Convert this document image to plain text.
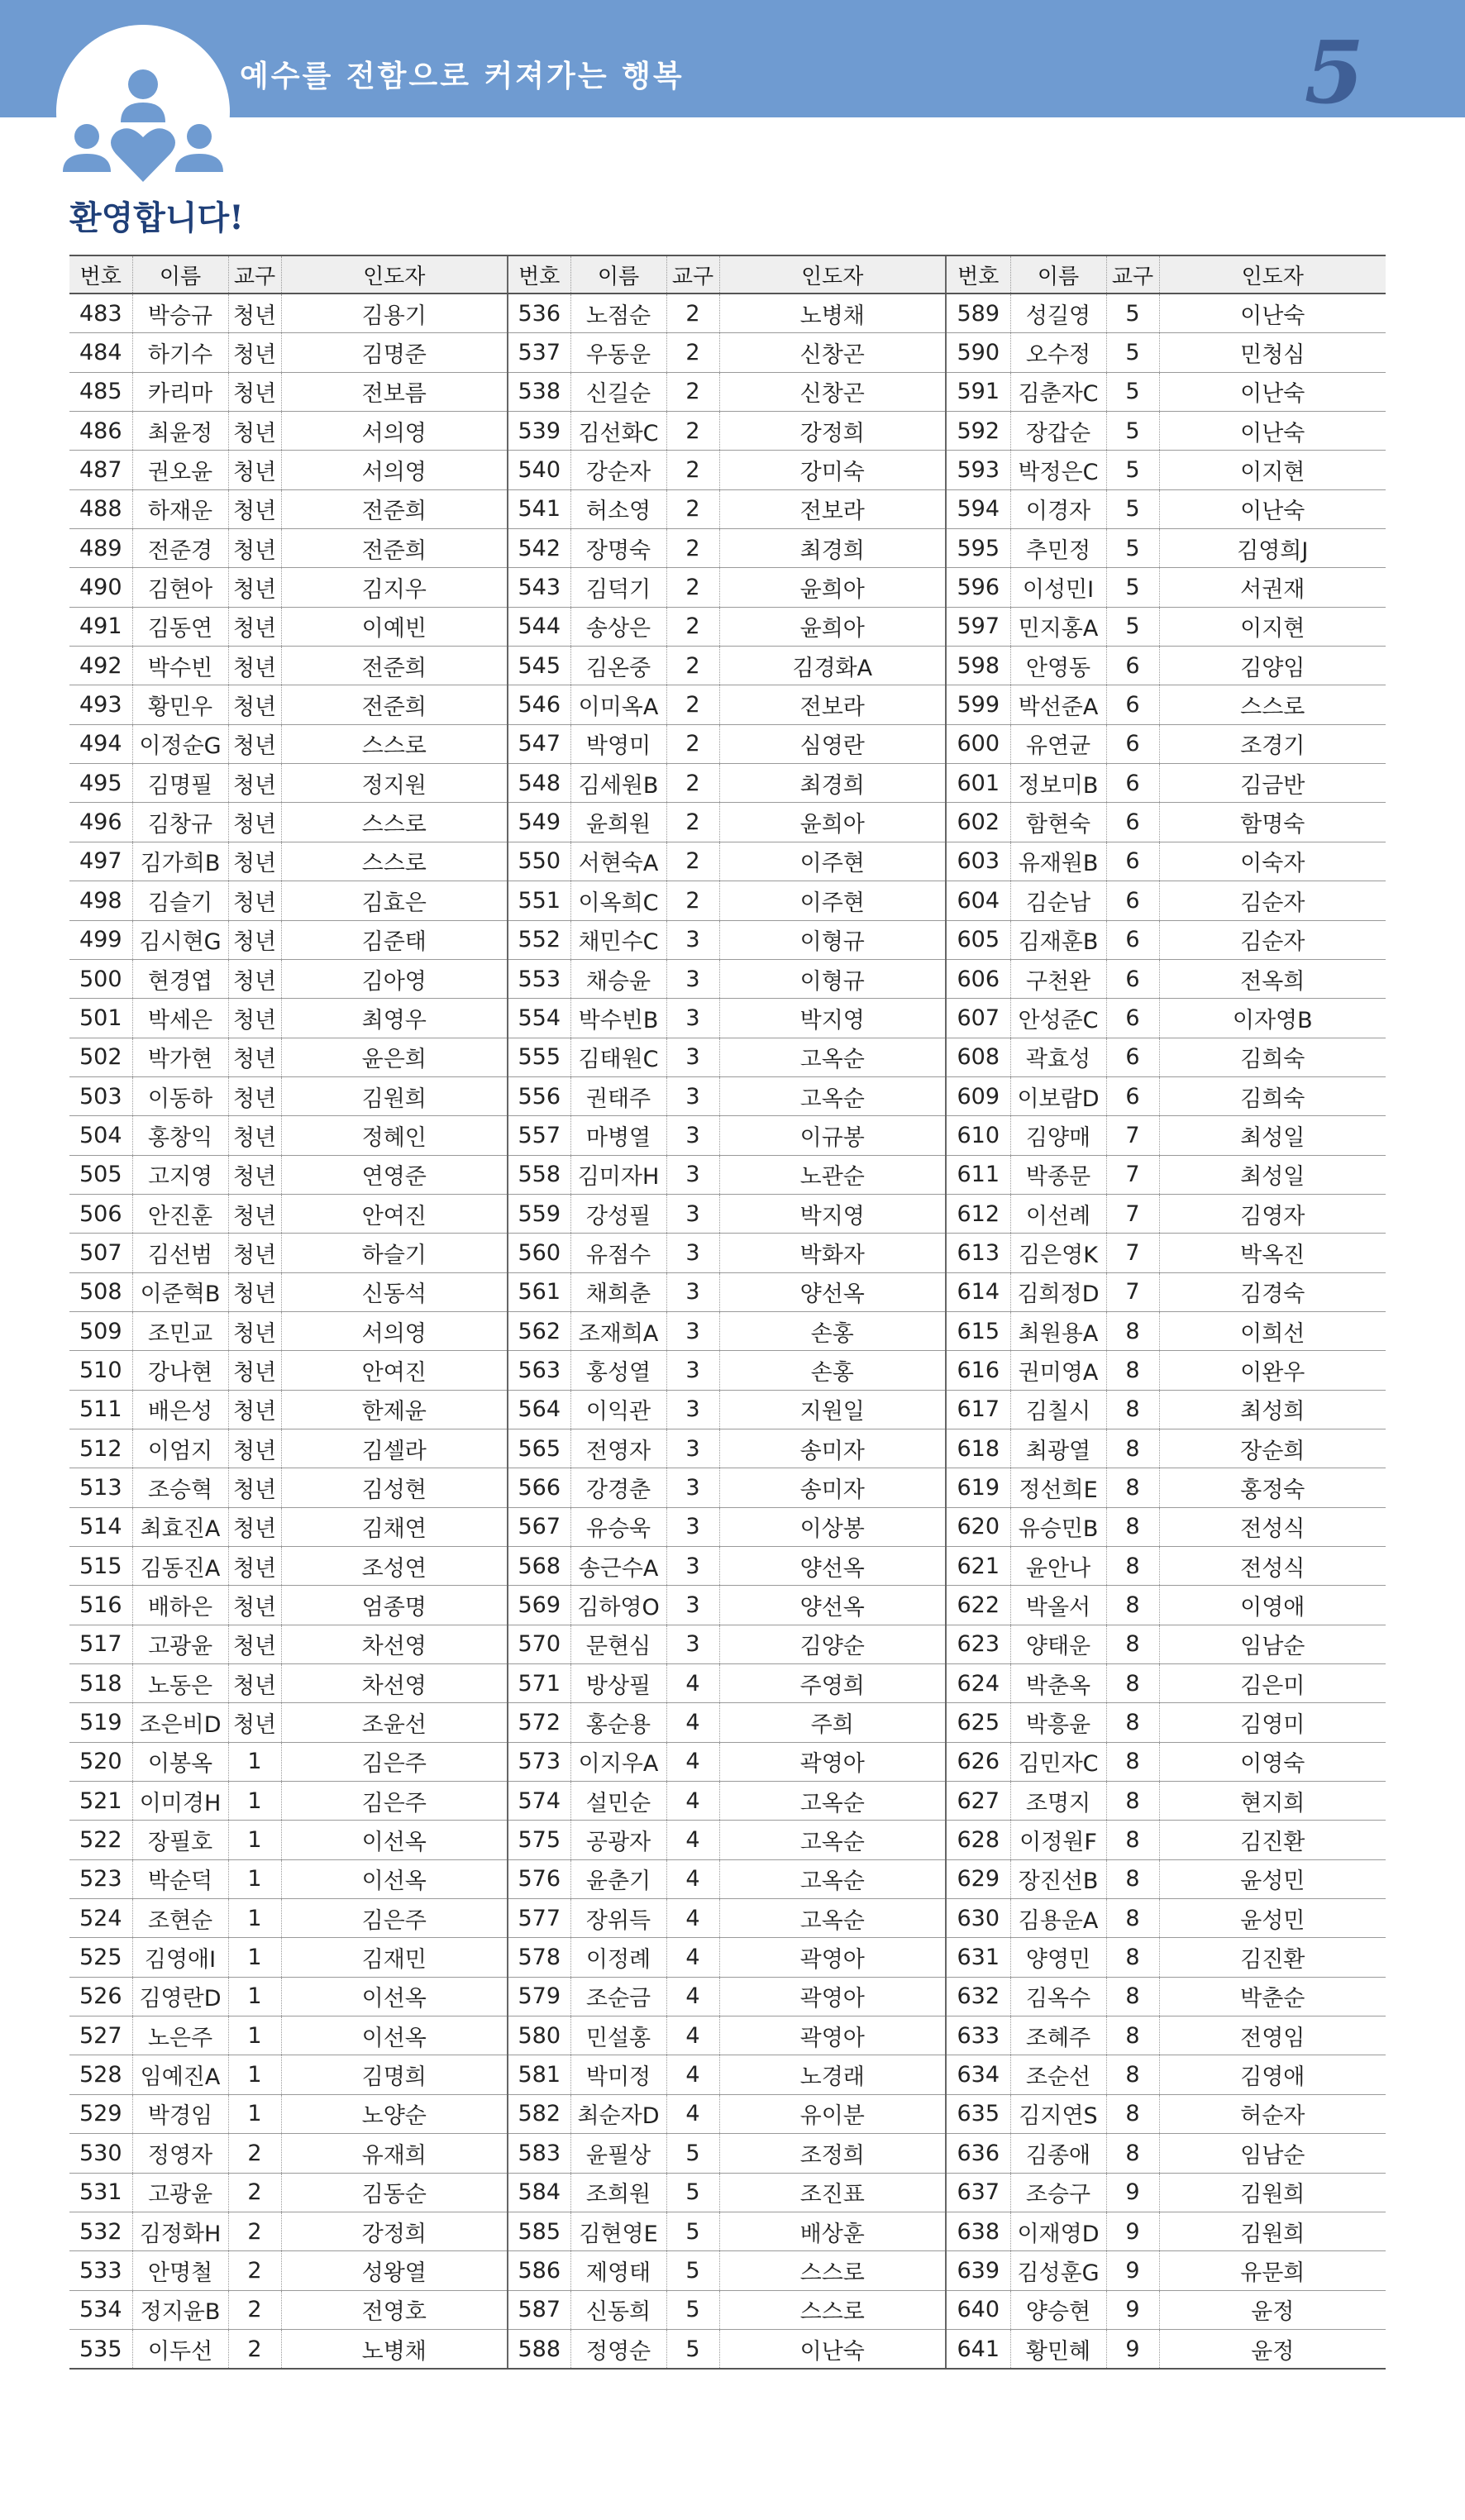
예수를 전함으로 커져가는 행복	5
환영합니다!
번호	이름	교구	인도자	번호	이름	교구	인도자	번호	이름	교구	인도자
483	박승규	청년	김용기	536	노점순	2	노병채	589	성길영	5	이난숙
484	하기수	청년	김명준	537	우동운	2	신창곤	590	오수정	5	민청심
485	카리마	청년	전보름	538	신길순	2	신창곤	591	김춘자C	5	이난숙
486	최윤정	청년	서의영	539	김선화C	2	강정희	592	장갑순	5	이난숙
487	권오윤	청년	서의영	540	강순자	2	강미숙	593	박정은C	5	이지현
488	하재운	청년	전준희	541	허소영	2	전보라	594	이경자	5	이난숙
489	전준경	청년	전준희	542	장명숙	2	최경희	595	추민정	5	김영희J
490	김현아	청년	김지우	543	김덕기	2	윤희아	596	이성민I	5	서권재
491	김동연	청년	이예빈	544	송상은	2	윤희아	597	민지홍A	5	이지현
492	박수빈	청년	전준희	545	김온중	2	김경화A	598	안영동	6	김양임
493	황민우	청년	전준희	546	이미옥A	2	전보라	599	박선준A	6	스스로
494	이정순G	청년	스스로	547	박영미	2	심영란	600	유연균	6	조경기
495	김명필	청년	정지원	548	김세원B	2	최경희	601	정보미B	6	김금반
496	김창규	청년	스스로	549	윤희원	2	윤희아	602	함현숙	6	함명숙
497	김가희B	청년	스스로	550	서현숙A	2	이주현	603	유재원B	6	이숙자
498	김슬기	청년	김효은	551	이옥희C	2	이주현	604	김순남	6	김순자
499	김시현G	청년	김준태	552	채민수C	3	이형규	605	김재훈B	6	김순자
500	현경엽	청년	김아영	553	채승윤	3	이형규	606	구천완	6	전옥희
501	박세은	청년	최영우	554	박수빈B	3	박지영	607	안성준C	6	이자영B
502	박가현	청년	윤은희	555	김태원C	3	고옥순	608	곽효성	6	김희숙
503	이동하	청년	김원희	556	권태주	3	고옥순	609	이보람D	6	김희숙
504	홍창익	청년	정혜인	557	마병열	3	이규봉	610	김양매	7	최성일
505	고지영	청년	연영준	558	김미자H	3	노관순	611	박종문	7	최성일
506	안진훈	청년	안여진	559	강성필	3	박지영	612	이선례	7	김영자
507	김선범	청년	하슬기	560	유점수	3	박화자	613	김은영K	7	박옥진
508	이준혁B	청년	신동석	561	채희춘	3	양선옥	614	김희정D	7	김경숙
509	조민교	청년	서의영	562	조재희A	3	손홍	615	최원용A	8	이희선
510	강나현	청년	안여진	563	홍성열	3	손홍	616	권미영A	8	이완우
511	배은성	청년	한제윤	564	이익관	3	지원일	617	김칠시	8	최성희
512	이엄지	청년	김셀라	565	전영자	3	송미자	618	최광열	8	장순희
513	조승혁	청년	김성현	566	강경춘	3	송미자	619	정선희E	8	홍정숙
514	최효진A	청년	김채연	567	유승욱	3	이상봉	620	유승민B	8	전성식
515	김동진A	청년	조성연	568	송근수A	3	양선옥	621	윤안나	8	전성식
516	배하은	청년	엄종명	569	김하영O	3	양선옥	622	박올서	8	이영애
517	고광윤	청년	차선영	570	문현심	3	김양순	623	양태운	8	임남순
518	노동은	청년	차선영	571	방상필	4	주영희	624	박춘옥	8	김은미
519	조은비D	청년	조윤선	572	홍순용	4	주희	625	박흥윤	8	김영미
520	이봉옥	1	김은주	573	이지우A	4	곽영아	626	김민자C	8	이영숙
521	이미경H	1	김은주	574	설민순	4	고옥순	627	조명지	8	현지희
522	장필호	1	이선옥	575	공광자	4	고옥순	628	이정원F	8	김진환
523	박순덕	1	이선옥	576	윤춘기	4	고옥순	629	장진선B	8	윤성민
524	조현순	1	김은주	577	장위득	4	고옥순	630	김용운A	8	윤성민
525	김영애I	1	김재민	578	이정례	4	곽영아	631	양영민	8	김진환
526	김영란D	1	이선옥	579	조순금	4	곽영아	632	김옥수	8	박춘순
527	노은주	1	이선옥	580	민설홍	4	곽영아	633	조혜주	8	전영임
528	임예진A	1	김명희	581	박미정	4	노경래	634	조순선	8	김영애
529	박경임	1	노양순	582	최순자D	4	유이분	635	김지연S	8	허순자
530	정영자	2	유재희	583	윤필상	5	조정희	636	김종애	8	임남순
531	고광윤	2	김동순	584	조희원	5	조진표	637	조승구	9	김원희
532	김정화H	2	강정희	585	김현영E	5	배상훈	638	이재영D	9	김원희
533	안명철	2	성왕열	586	제영태	5	스스로	639	김성훈G	9	유문희
534	정지윤B	2	전영호	587	신동희	5	스스로	640	양승현	9	윤정
535	이두선	2	노병채	588	정영순	5	이난숙	641	황민혜	9	윤정
